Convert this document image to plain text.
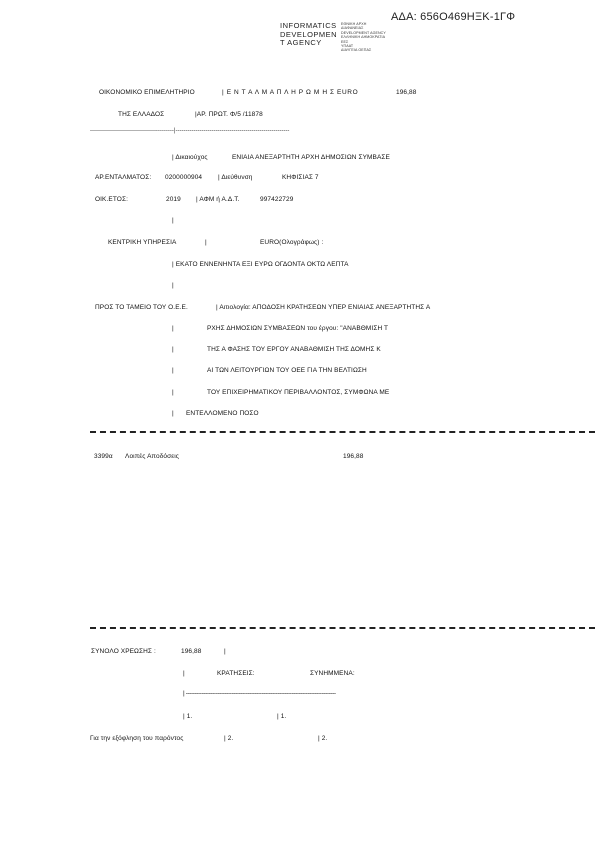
ΑΔΑ: 656Ο469ΗΞΚ-1ΓΦ
INFORMATICS
DEVELOPMEN
T AGENCY
ΕΘΝΙΚΗ ΑΡΧΗ
ΔΙΑΦΑΝΕΙΑΣ
DEVELOPMENT AGENCY
ΕΛΛΗΝΙΚΗ ΔΗΜΟΚΡΑΤΙΑ
ΕΕΣ
ΥΠΑΑΤ
ΔΙΑΥΓΕΙΑ ΟΕΠΑΣ
ΟΙΚΟΝΟΜΙΚΟ ΕΠΙΜΕΛΗΤΗΡΙΟ	| Ε Ν Τ Α Λ Μ Α Π Λ Η Ρ Ω Μ Η Σ EURO	196,88
ΤΗΣ ΕΛΛΑΔΟΣ	|ΑΡ. ΠΡΩΤ. Φ/5 /11878
------------------------------------------|---------------------------------------------------------
| Δικαιούχος	ΕΝΙΑΙΑ ΑΝΕΞΑΡΤΗΤΗ ΑΡΧΗ ΔΗΜΟΣΙΩΝ ΣΥΜΒΑΣΕ
ΑΡ.ΕΝΤΑΛΜΑΤΟΣ: 0200000904 | Διεύθυνση	ΚΗΦΙΣΙΑΣ 7
ΟΙΚ.ΕΤΟΣ:	2019 | ΑΦΜ ή Α.Δ.Τ.	997422729
|
ΚΕΝΤΡΙΚΗ ΥΠΗΡΕΣΙΑ	|	EURO(Ολογράφως) :
| ΕΚΑΤΟ ΕΝΝΕΝΗΝΤΑ ΕΞΙ ΕΥΡΩ ΟΓΔΟΝΤΑ ΟΚΤΩ ΛΕΠΤΑ
|
ΠΡΟΣ ΤΟ ΤΑΜΕΙΟ ΤΟΥ Ο.Ε.Ε.	| Αιτιολογία: ΑΠΟΔΟΣΗ ΚΡΑΤΗΣΕΩΝ ΥΠΕΡ ΕΝΙΑΙΑΣ ΑΝΕΞΑΡΤΗΤΗΣ Α
|	ΡΧΗΣ ΔΗΜΟΣΙΩΝ ΣΥΜΒΑΣΕΩΝ του έργου: "ΑΝΑΒΘΜΙΣΗ Τ
|	ΤΗΣ Α ΦΑΣΗΣ ΤΟΥ ΕΡΓΟΥ ΑΝΑΒΑΘΜΙΣΗ ΤΗΣ ΔΟΜΗΣ Κ
|	ΑΙ ΤΩΝ ΛΕΙΤΟΥΡΓΙΩΝ ΤΟΥ ΟΕΕ ΓΙΑ ΤΗΝ ΒΕΛΤΙΩΣΗ
|	ΤΟΥ ΕΠΙΧΕΙΡΗΜΑΤΙΚΟΥ ΠΕΡΙΒΑΛΛΟΝΤΟΣ, ΣΥΜΦΩΝΑ ΜΕ
| ΕΝΤΕΛΛΟΜΕΝΟ ΠΟΣΟ
3399α Λοιπές Αποδόσεις	196,88
ΣΥΝΟΛΟ ΧΡΕΩΣΗΣ :	196,88	|
|	ΚΡΑΤΗΣΕΙΣ:	ΣΥΝΗΜΜΕΝΑ:
| -------------------------------------------------------------------------------------
| 1.	| 1.
Για την εξόφληση του παρόντος	| 2.	| 2.
